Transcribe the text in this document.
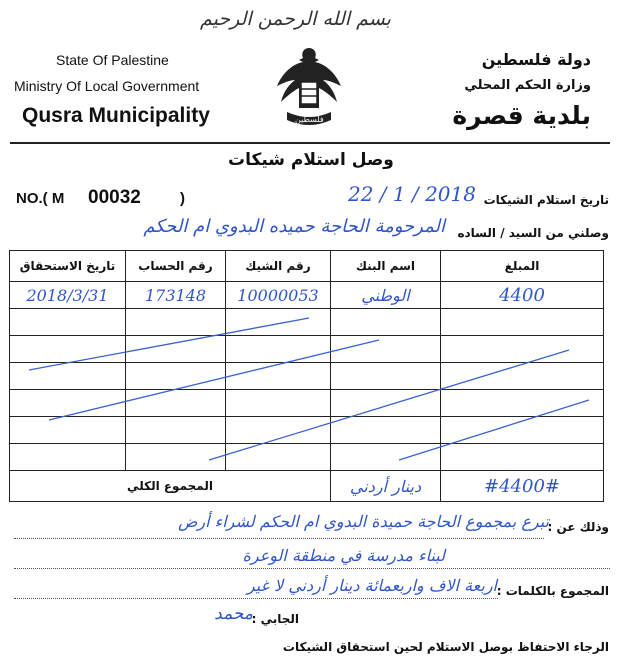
بسم الله الرحمن الرحيم
State Of Palestine
Ministry Of Local Government
Qusra Municipality	فلسطين
دولة فلسطين
وزارة الحكم المحلي
بلدية قصرة
وصل استلام شيكات
NO.( M 00032	)	تاريخ استلام الشيكات
22 / 1 / 2018
وصلني من السيد / الساده
المرحومة الحاجة حميده البدوي ام الحكم
تاريخ الاستحقاق	رقم الحساب	رقم الشيك	اسم البنك	المبلغ
2018/3/31	173148	10000053	الوطني	4400

المجموع الكلي			دينار أردني	#4400#
وذلك عن :
تبرع بمجموع الحاجة حميدة البدوي ام الحكم لشراء أرض
لبناء مدرسة في منطقة الوعرة
المجموع بالكلمات :
اربعة الاف واربعمائة دينار أردني لا غير
الجابي :
محمد
الرجاء الاحتفاظ بوصل الاستلام لحين استحقاق الشيكات
